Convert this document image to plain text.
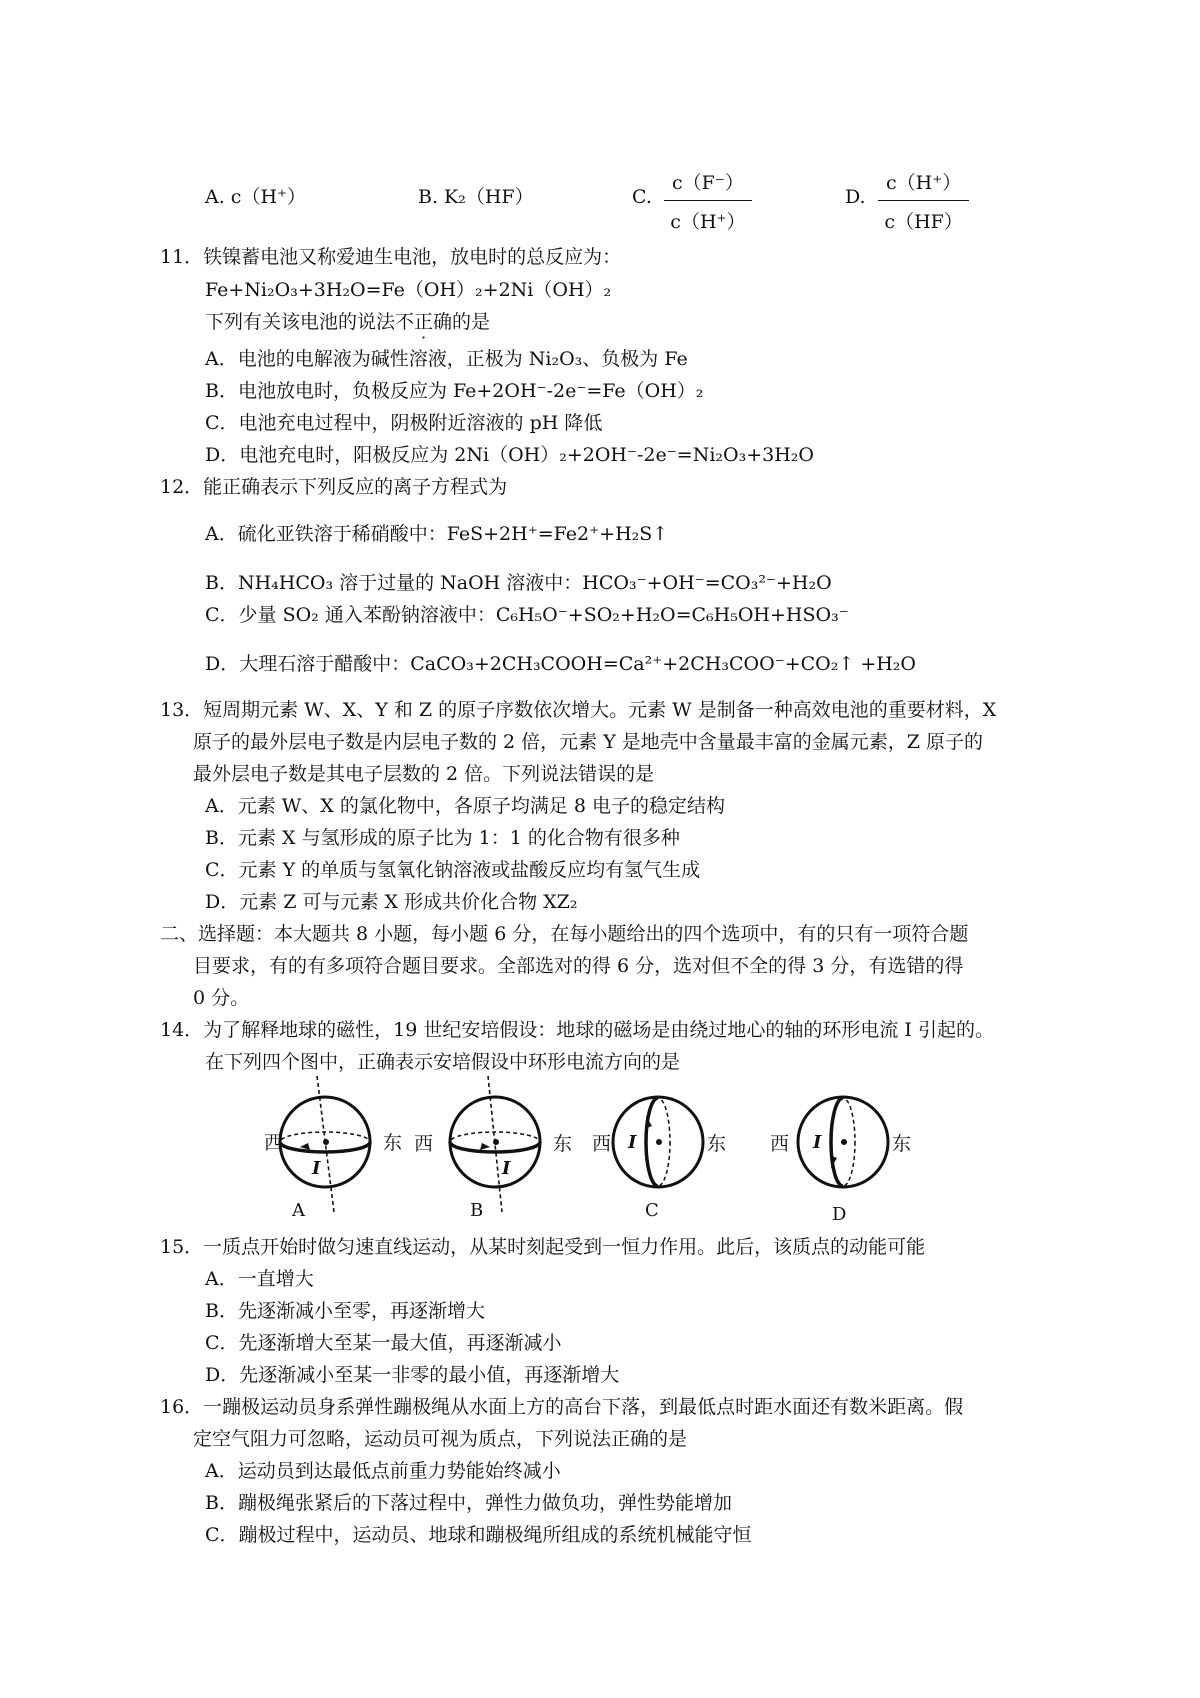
A. c（H⁺）	B. K₂（HF）	C. $\frac{c(F^-)}{c(H^+)}$	D. $\frac{c(H^+)}{c(HF)}$
11．铁镍蓄电池又称爱迪生电池，放电时的总反应为：
Fe+Ni₂O₃+3H₂O=Fe（OH）₂+2Ni（OH）₂
下列有关该电池的说法不正确的是
A．电池的电解液为碱性溶液，正极为 Ni₂O₃、负极为 Fe
B．电池放电时，负极反应为 Fe+2OH⁻-2e⁻=Fe（OH）₂
C．电池充电过程中，阴极附近溶液的 pH 降低
D．电池充电时，阳极反应为 2Ni（OH）₂+2OH⁻-2e⁻=Ni₂O₃+3H₂O
12．能正确表示下列反应的离子方程式为
A．硫化亚铁溶于稀硝酸中：FeS+2H⁺=Fe2⁺+H₂S↑
B．NH₄HCO₃ 溶于过量的 NaOH 溶液中：HCO₃⁻+OH⁻=CO₃²⁻+H₂O
C．少量 SO₂ 通入苯酚钠溶液中：C₆H₅O⁻+SO₂+H₂O=C₆H₅OH+HSO₃⁻
D．大理石溶于醋酸中：CaCO₃+2CH₃COOH=Ca²⁺+2CH₃COO⁻+CO₂↑ +H₂O
13．短周期元素 W、X、Y 和 Z 的原子序数依次增大。元素 W 是制备一种高效电池的重要材料，X
原子的最外层电子数是内层电子数的 2 倍，元素 Y 是地壳中含量最丰富的金属元素，Z 原子的
最外层电子数是其电子层数的 2 倍。下列说法错误的是
A．元素 W、X 的氯化物中，各原子均满足 8 电子的稳定结构
B．元素 X 与氢形成的原子比为 1：1 的化合物有很多种
C．元素 Y 的单质与氢氧化钠溶液或盐酸反应均有氢气生成
D．元素 Z 可与元素 X 形成共价化合物 XZ₂
二、选择题：本大题共 8 小题，每小题 6 分，在每小题给出的四个选项中，有的只有一项符合题
目要求，有的有多项符合题目要求。全部选对的得 6 分，选对但不全的得 3 分，有选错的得
0 分。
14．为了解释地球的磁性，19 世纪安培假设：地球的磁场是由绕过地心的轴的环形电流 I 引起的。
在下列四个图中，正确表示安培假设中环形电流方向的是
西	东
I
A
西	东
I
B
西	东
I
C
西	东
I
D
15．一质点开始时做匀速直线运动，从某时刻起受到一恒力作用。此后，该质点的动能可能
A．一直增大
B．先逐渐减小至零，再逐渐增大
C．先逐渐增大至某一最大值，再逐渐减小
D．先逐渐减小至某一非零的最小值，再逐渐增大
16．一蹦极运动员身系弹性蹦极绳从水面上方的高台下落，到最低点时距水面还有数米距离。假
定空气阻力可忽略，运动员可视为质点，下列说法正确的是
A．运动员到达最低点前重力势能始终减小
B．蹦极绳张紧后的下落过程中，弹性力做负功，弹性势能增加
C．蹦极过程中，运动员、地球和蹦极绳所组成的系统机械能守恒
